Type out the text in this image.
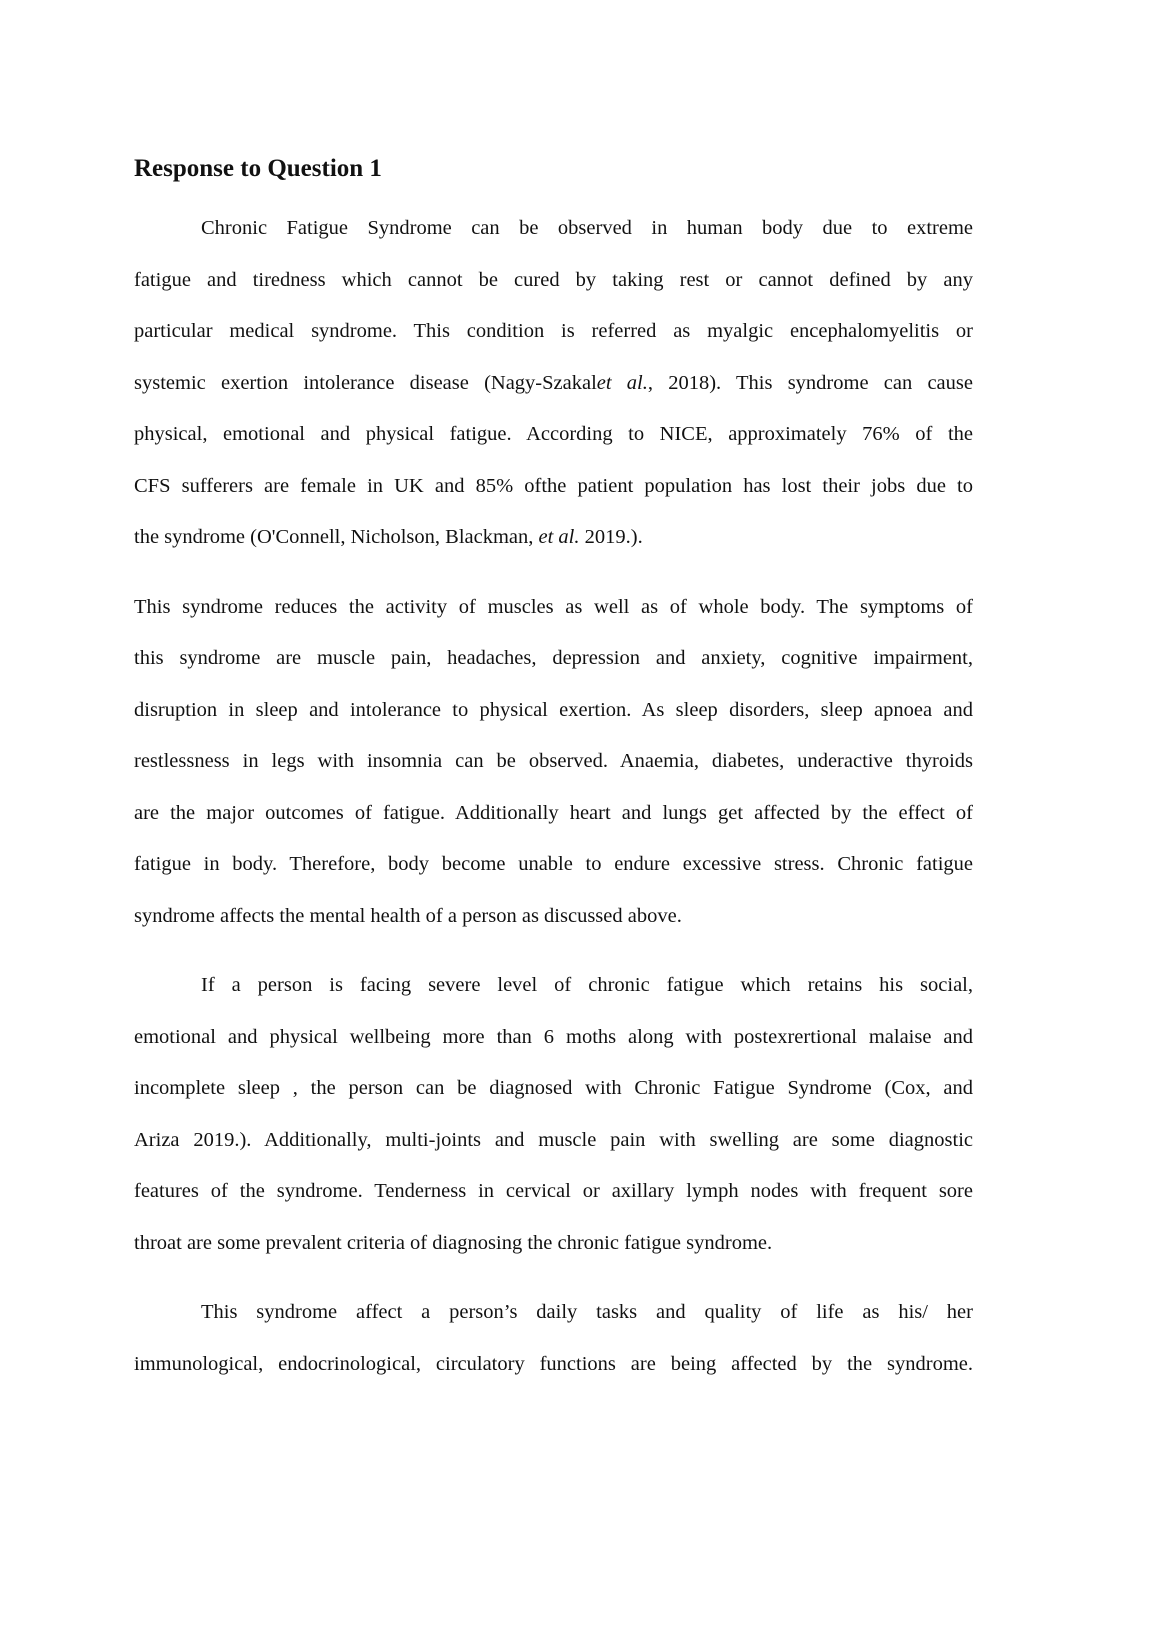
Response to Question 1
Chronic Fatigue Syndrome can be observed in human body due to extreme
fatigue and tiredness which cannot be cured by taking rest or cannot defined by any
particular medical syndrome. This condition is referred as myalgic encephalomyelitis or
systemic exertion intolerance disease (Nagy-Szakalet al., 2018). This syndrome can cause
physical, emotional and physical fatigue. According to NICE, approximately 76% of the
CFS sufferers are female in UK and 85% ofthe patient population has lost their jobs due to
the syndrome (O'Connell, Nicholson, Blackman, et al. 2019.).
This syndrome reduces the activity of muscles as well as of whole body. The symptoms of
this syndrome are muscle pain, headaches, depression and anxiety, cognitive impairment,
disruption in sleep and intolerance to physical exertion. As sleep disorders, sleep apnoea and
restlessness in legs with insomnia can be observed. Anaemia, diabetes, underactive thyroids
are the major outcomes of fatigue. Additionally heart and lungs get affected by the effect of
fatigue in body. Therefore, body become unable to endure excessive stress. Chronic fatigue
syndrome affects the mental health of a person as discussed above.
If a person is facing severe level of chronic fatigue which retains his social,
emotional and physical wellbeing more than 6 moths along with postexrertional malaise and
incomplete sleep , the person can be diagnosed with Chronic Fatigue Syndrome (Cox, and
Ariza 2019.). Additionally, multi-joints and muscle pain with swelling are some diagnostic
features of the syndrome. Tenderness in cervical or axillary lymph nodes with frequent sore
throat are some prevalent criteria of diagnosing the chronic fatigue syndrome.
This syndrome affect a person’s daily tasks and quality of life as his/ her
immunological, endocrinological, circulatory functions are being affected by the syndrome.
